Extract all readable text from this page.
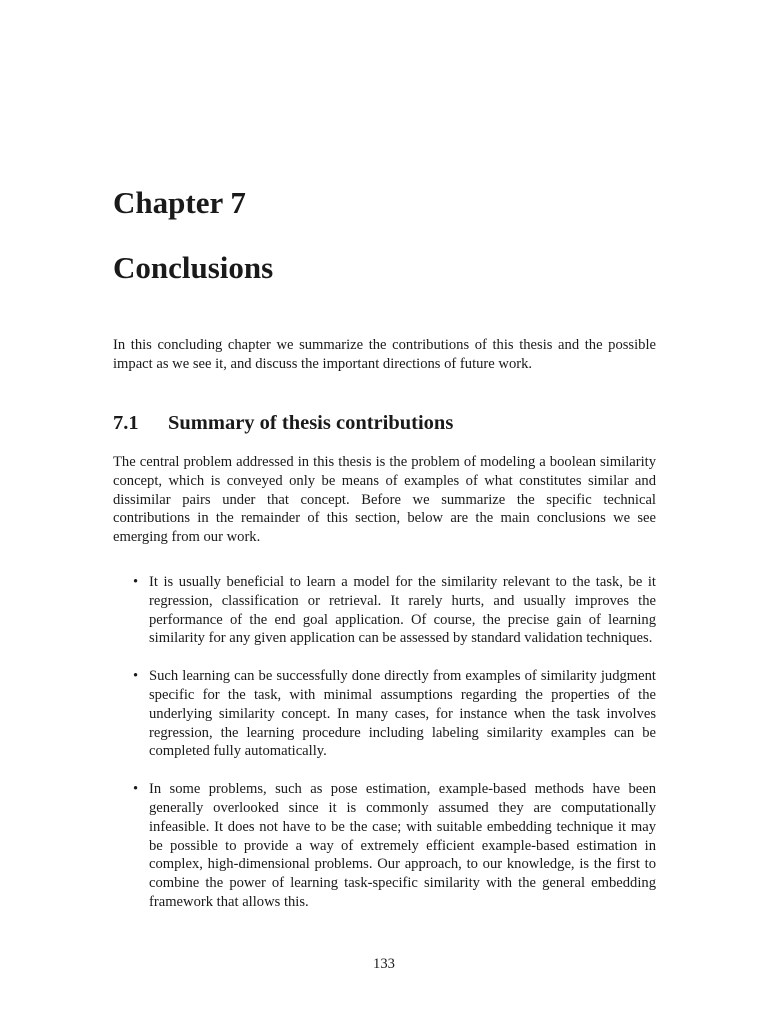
Chapter 7
Conclusions

In this concluding chapter we summarize the contributions of this thesis and the possible impact as we see it, and discuss the important directions of future work.

7.1 Summary of thesis contributions

The central problem addressed in this thesis is the problem of modeling a boolean similarity concept, which is conveyed only be means of examples of what constitutes similar and dissimilar pairs under that concept. Before we summarize the specific technical contributions in the remainder of this section, below are the main conclusions we see emerging from our work.

• It is usually beneficial to learn a model for the similarity relevant to the task, be it regression, classification or retrieval. It rarely hurts, and usually improves the performance of the end goal application. Of course, the precise gain of learning similarity for any given application can be assessed by standard validation techniques.
• Such learning can be successfully done directly from examples of similarity judgment specific for the task, with minimal assumptions regarding the properties of the underlying similarity concept. In many cases, for instance when the task involves regression, the learning procedure including labeling similarity examples can be completed fully automatically.
• In some problems, such as pose estimation, example-based methods have been generally overlooked since it is commonly assumed they are computationally infeasible. It does not have to be the case; with suitable embedding technique it may be possible to provide a way of extremely efficient example-based estimation in complex, high-dimensional problems. Our approach, to our knowledge, is the first to combine the power of learning task-specific similarity with the general embedding framework that allows this.

133
